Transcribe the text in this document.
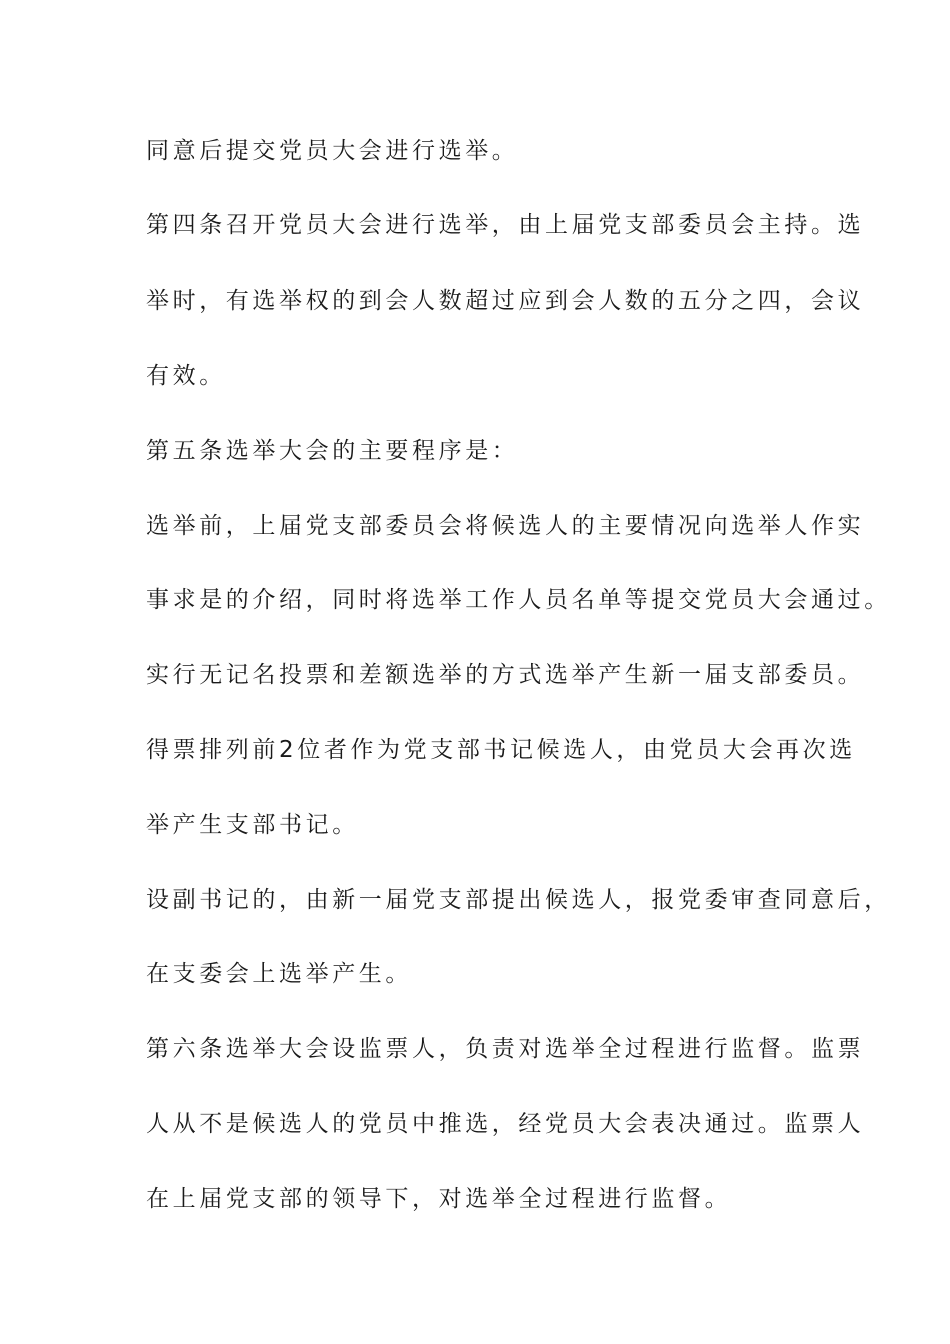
同意后提交党员大会进行选举。
第四条召开党员大会进行选举，由上届党支部委员会主持。选
举时，有选举权的到会人数超过应到会人数的五分之四，会议
有效。
第五条选举大会的主要程序是：
选举前，上届党支部委员会将候选人的主要情况向选举人作实
事求是的介绍，同时将选举工作人员名单等提交党员大会通过。
实行无记名投票和差额选举的方式选举产生新一届支部委员。
得票排列前2位者作为党支部书记候选人，由党员大会再次选
举产生支部书记。
设副书记的，由新一届党支部提出候选人，报党委审查同意后，
在支委会上选举产生。
第六条选举大会设监票人，负责对选举全过程进行监督。监票
人从不是候选人的党员中推选，经党员大会表决通过。监票人
在上届党支部的领导下，对选举全过程进行监督。
